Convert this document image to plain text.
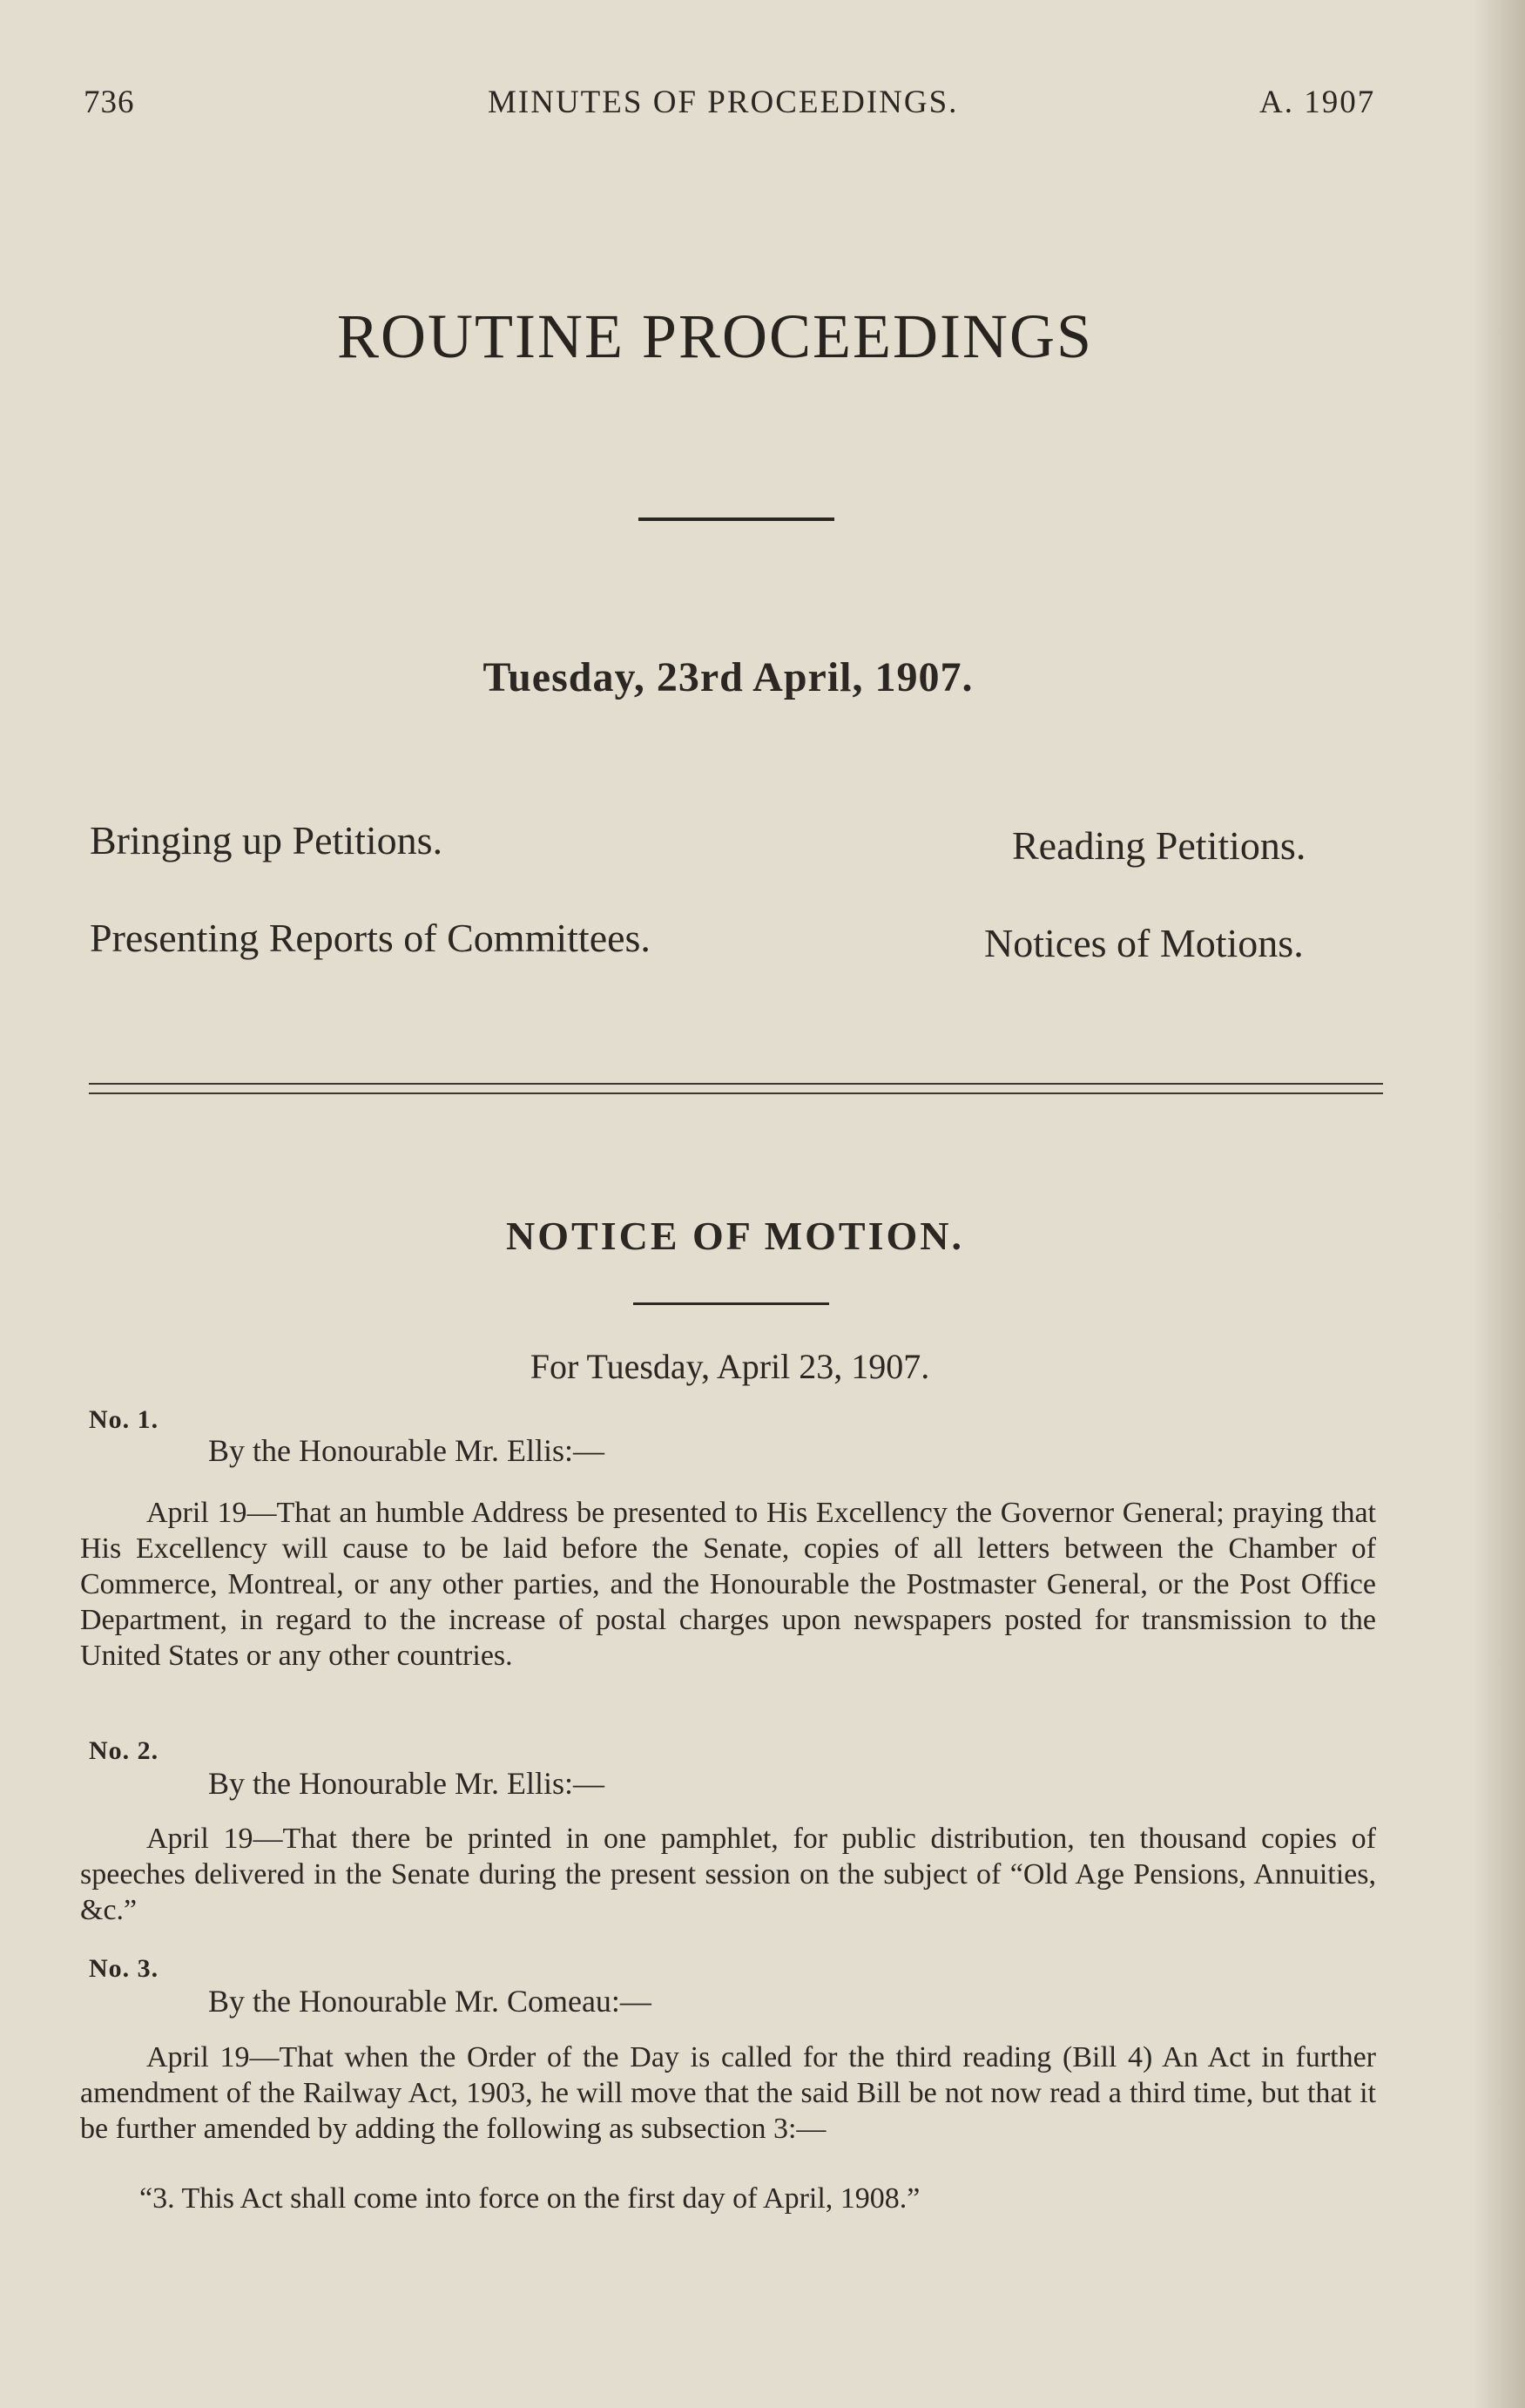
736	MINUTES OF PROCEEDINGS.	A. 1907
ROUTINE PROCEEDINGS
Tuesday, 23rd April, 1907.
Bringing up Petitions.	Reading Petitions.
Presenting Reports of Committees.	Notices of Motions.
NOTICE OF MOTION.
For Tuesday, April 23, 1907.
No. 1.
By the Honourable Mr. Ellis:—
April 19—That an humble Address be presented to His Excellency the Governor General; praying that His Excellency will cause to be laid before the Senate, copies of all letters between the Chamber of Commerce, Montreal, or any other parties, and the Honourable the Postmaster General, or the Post Office Department, in regard to the increase of postal charges upon newspapers posted for transmission to the United States or any other countries.
No. 2.
By the Honourable Mr. Ellis:—
April 19—That there be printed in one pamphlet, for public distribution, ten thousand copies of speeches delivered in the Senate during the present session on the subject of “Old Age Pensions, Annuities, &c.”
No. 3.
By the Honourable Mr. Comeau:—
April 19—That when the Order of the Day is called for the third reading (Bill 4) An Act in further amendment of the Railway Act, 1903, he will move that the said Bill be not now read a third time, but that it be further amended by adding the following as subsection 3:—
“3. This Act shall come into force on the first day of April, 1908.”
